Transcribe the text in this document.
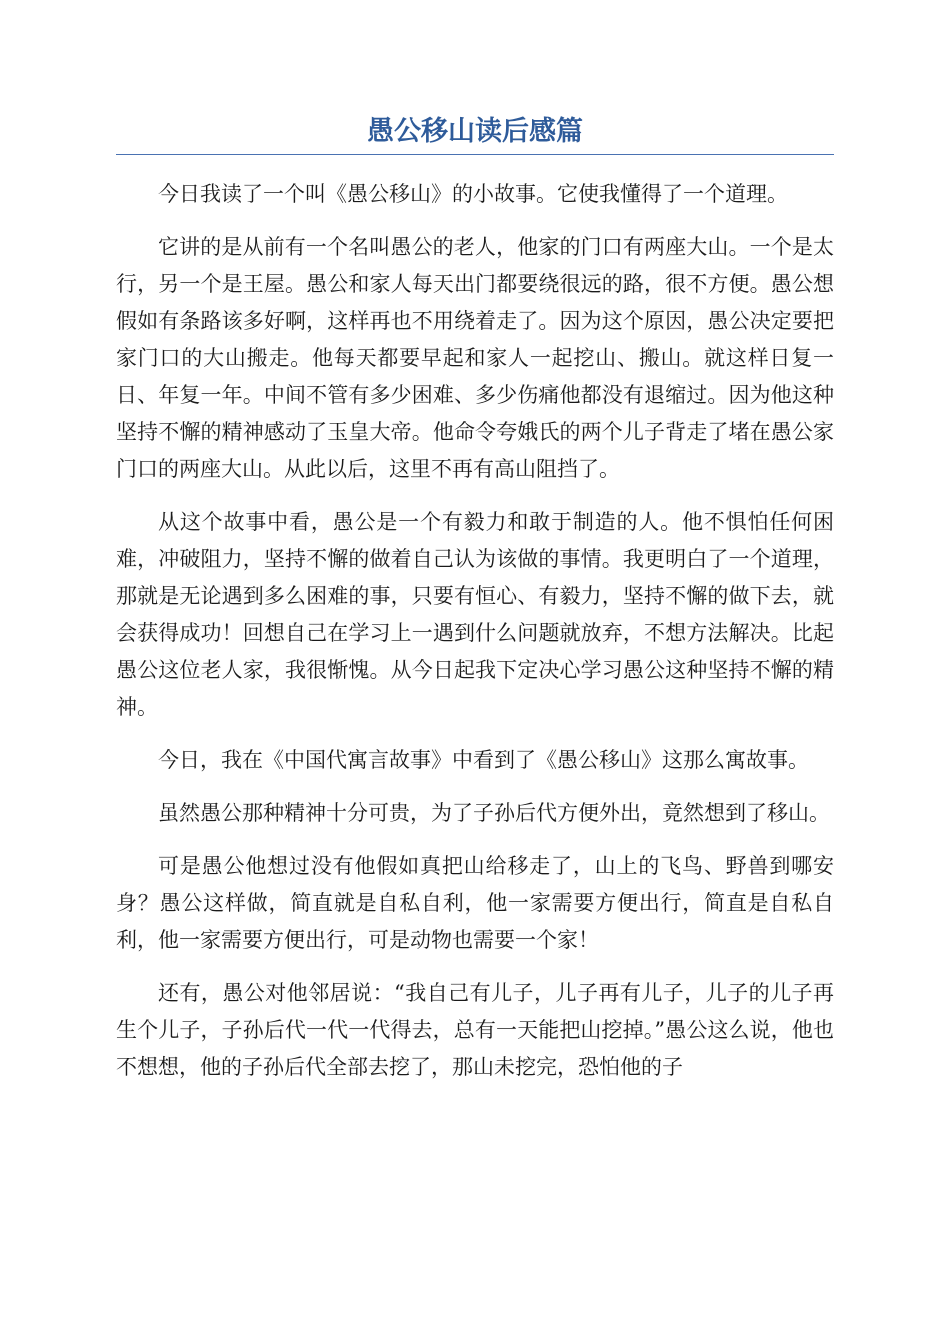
愚公移山读后感篇

今日我读了一个叫《愚公移山》的小故事。它使我懂得了一个道理。

它讲的是从前有一个名叫愚公的老人，他家的门口有两座大山。一个是太行，另一个是王屋。愚公和家人每天出门都要绕很远的路，很不方便。愚公想假如有条路该多好啊，这样再也不用绕着走了。因为这个原因，愚公决定要把家门口的大山搬走。他每天都要早起和家人一起挖山、搬山。就这样日复一日、年复一年。中间不管有多少困难、多少伤痛他都没有退缩过。因为他这种坚持不懈的精神感动了玉皇大帝。他命令夸娥氏的两个儿子背走了堵在愚公家门口的两座大山。从此以后，这里不再有高山阻挡了。

从这个故事中看，愚公是一个有毅力和敢于制造的人。他不惧怕任何困难，冲破阻力，坚持不懈的做着自己认为该做的事情。我更明白了一个道理，那就是无论遇到多么困难的事，只要有恒心、有毅力，坚持不懈的做下去，就会获得成功！回想自己在学习上一遇到什么问题就放弃，不想方法解决。比起愚公这位老人家，我很惭愧。从今日起我下定决心学习愚公这种坚持不懈的精神。

今日，我在《中国代寓言故事》中看到了《愚公移山》这那么寓故事。

虽然愚公那种精神十分可贵，为了子孙后代方便外出，竟然想到了移山。

可是愚公他想过没有他假如真把山给移走了，山上的飞鸟、野兽到哪安身？愚公这样做，简直就是自私自利，他一家需要方便出行，简直是自私自利，他一家需要方便出行，可是动物也需要一个家！

还有，愚公对他邻居说：“我自己有儿子，儿子再有儿子，儿子的儿子再生个儿子，子孙后代一代一代得去，总有一天能把山挖掉。”愚公这么说，他也不想想，他的子孙后代全部去挖了，那山未挖完，恐怕他的子
